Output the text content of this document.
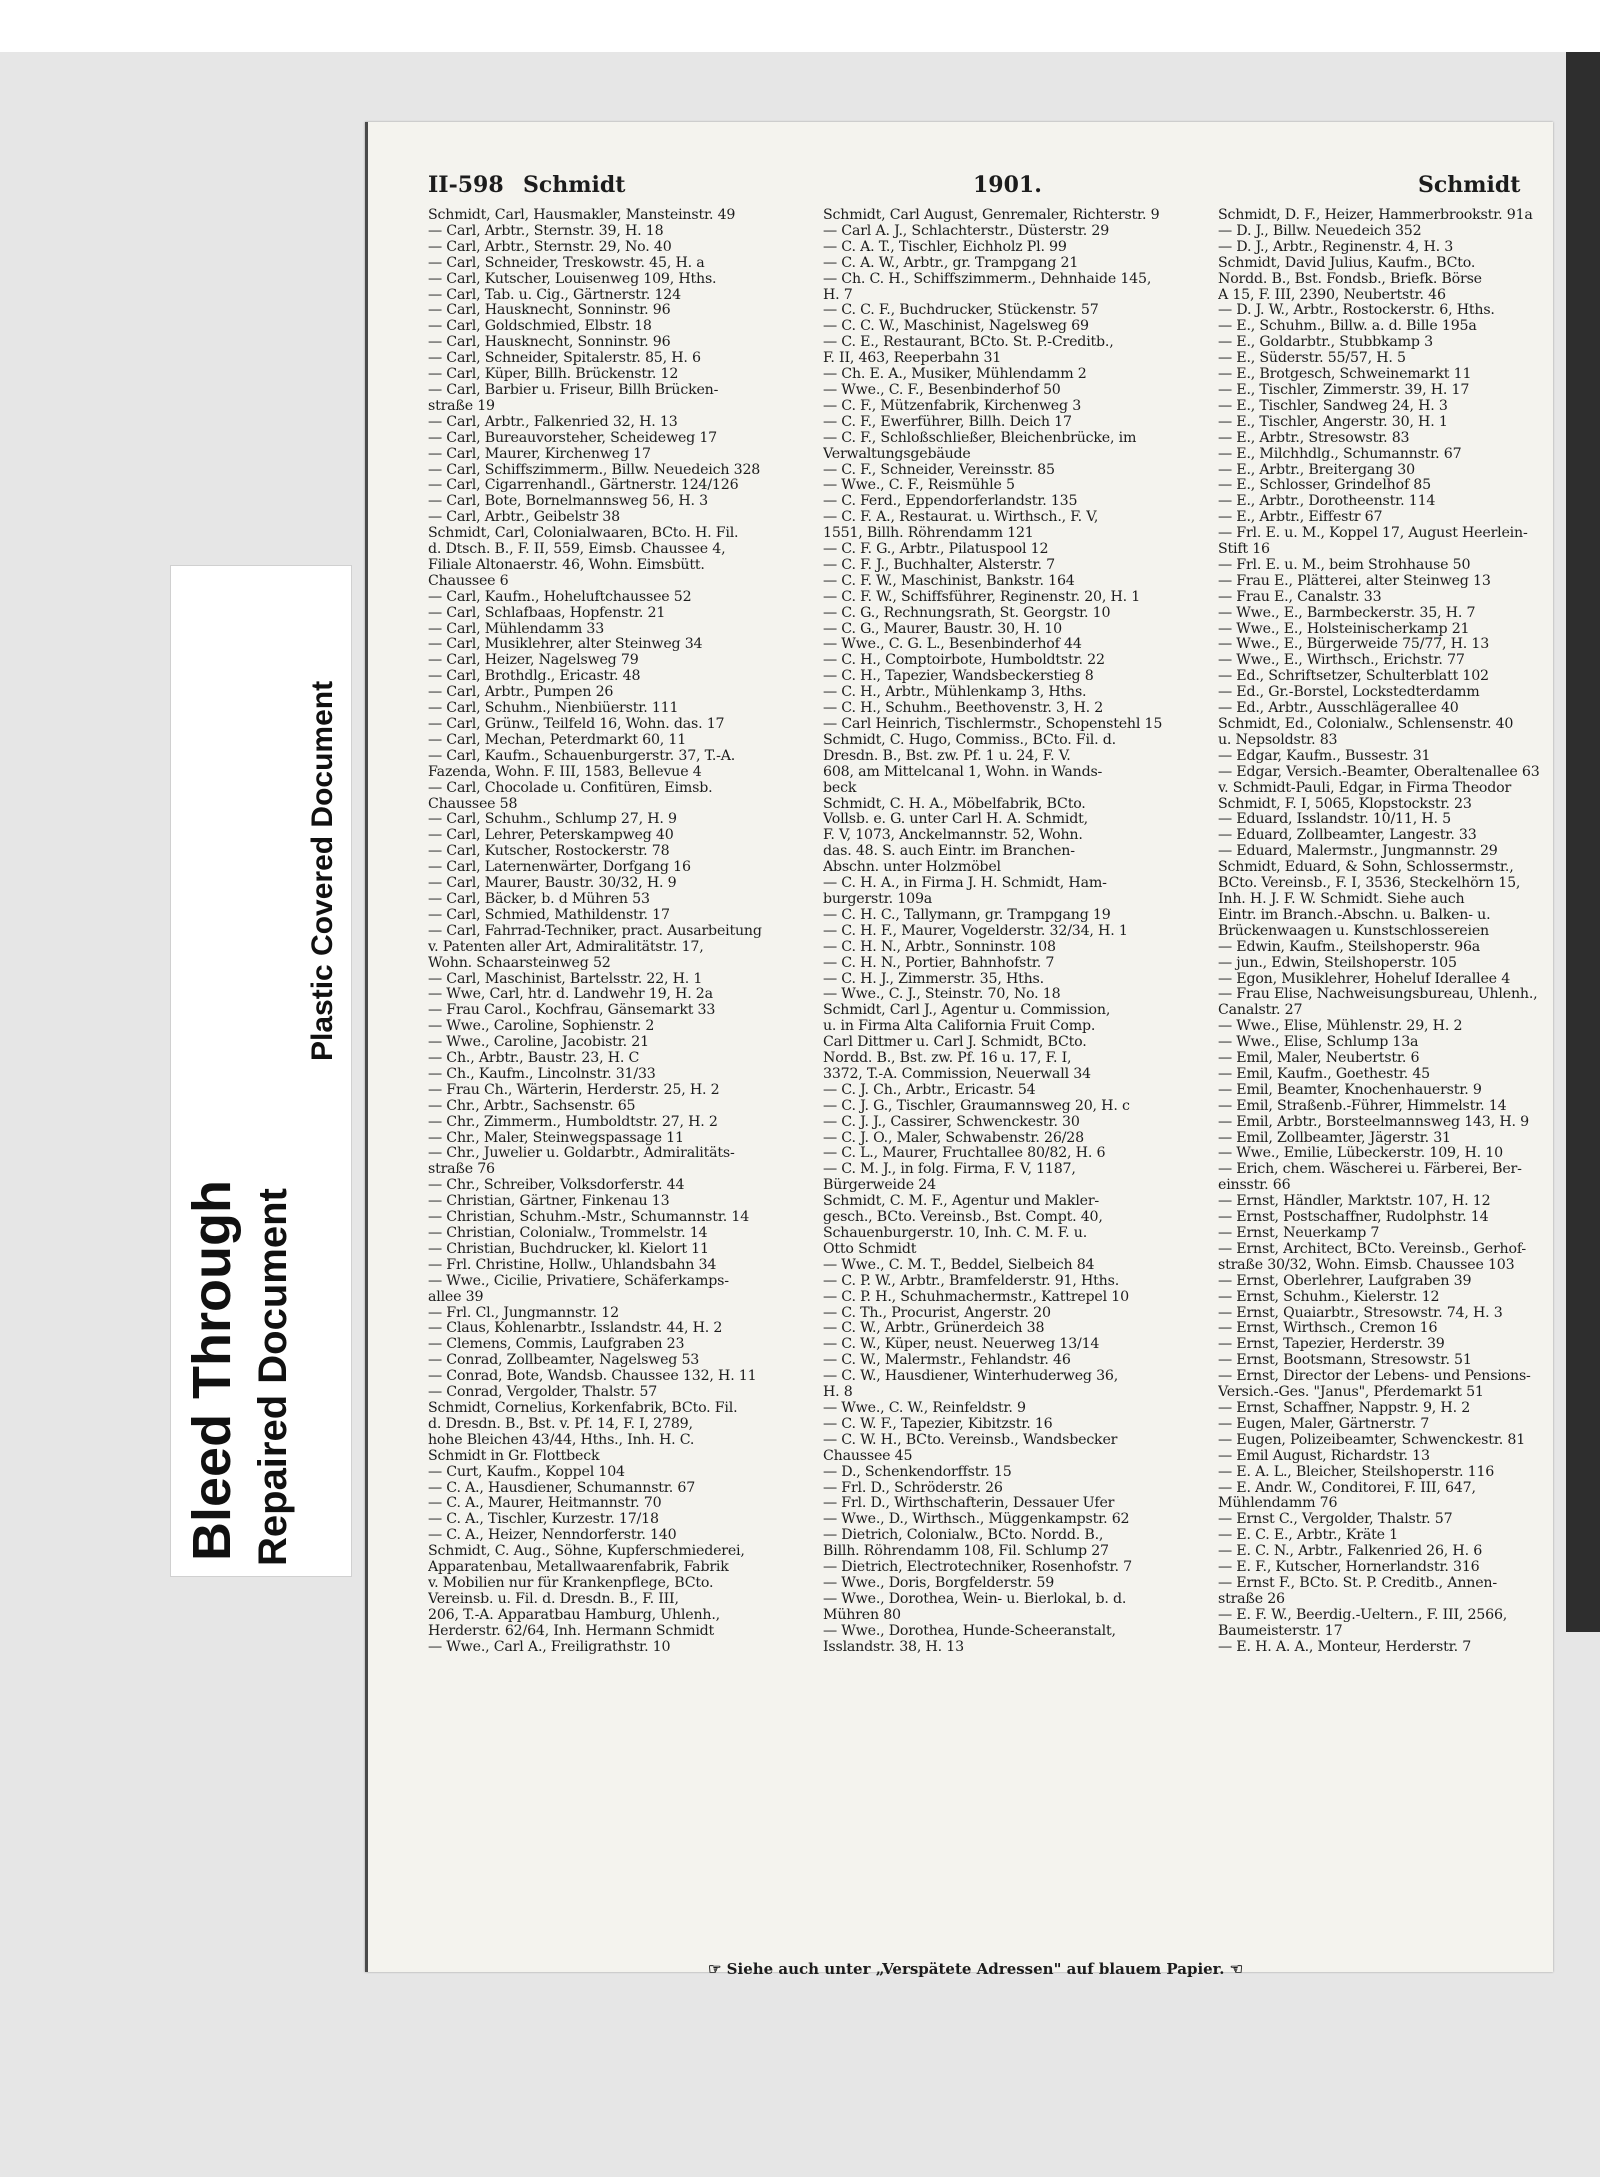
Bleed Through Repaired Document
Plastic Covered Document
II-598 Schmidt	1901.	Schmidt
Schmidt, Carl, Hausmakler, Mansteinstr. 49
— Carl, Arbtr., Sternstr. 39, H. 18
— Carl, Arbtr., Sternstr. 29, No. 40
— Carl, Schneider, Treskowstr. 45, H. a
— Carl, Kutscher, Louisenweg 109, Hths.
— Carl, Tab. u. Cig., Gärtnerstr. 124
— Carl, Hausknecht, Sonninstr. 96
— Carl, Goldschmied, Elbstr. 18
— Carl, Hausknecht, Sonninstr. 96
— Carl, Schneider, Spitalerstr. 85, H. 6
— Carl, Küper, Billh. Brückenstr. 12
— Carl, Barbier u. Friseur, Billh Brücken-
straße 19
— Carl, Arbtr., Falkenried 32, H. 13
— Carl, Bureauvorsteher, Scheideweg 17
— Carl, Maurer, Kirchenweg 17
— Carl, Schiffszimmerm., Billw. Neuedeich 328
— Carl, Cigarrenhandl., Gärtnerstr. 124/126
— Carl, Bote, Bornelmannsweg 56, H. 3
— Carl, Arbtr., Geibelstr 38
Schmidt, Carl, Colonialwaaren, BCto. H. Fil.
d. Dtsch. B., F. II, 559, Eimsb. Chaussee 4,
Filiale Altonaerstr. 46, Wohn. Eimsbütt.
Chaussee 6
— Carl, Kaufm., Hoheluftchaussee 52
— Carl, Schlafbaas, Hopfenstr. 21
— Carl, Mühlendamm 33
— Carl, Musiklehrer, alter Steinweg 34
— Carl, Heizer, Nagelsweg 79
— Carl, Brothdlg., Ericastr. 48
— Carl, Arbtr., Pumpen 26
— Carl, Schuhm., Nienbiüerstr. 111
— Carl, Grünw., Teilfeld 16, Wohn. das. 17
— Carl, Mechan, Peterdmarkt 60, 11
— Carl, Kaufm., Schauenburgerstr. 37, T.-A.
Fazenda, Wohn. F. III, 1583, Bellevue 4
— Carl, Chocolade u. Confitüren, Eimsb.
Chaussee 58
— Carl, Schuhm., Schlump 27, H. 9
— Carl, Lehrer, Peterskampweg 40
— Carl, Kutscher, Rostockerstr. 78
— Carl, Laternenwärter, Dorfgang 16
— Carl, Maurer, Baustr. 30/32, H. 9
— Carl, Bäcker, b. d Mühren 53
— Carl, Schmied, Mathildenstr. 17
— Carl, Fahrrad-Techniker, pract. Ausarbeitung
v. Patenten aller Art, Admiralitätstr. 17,
Wohn. Schaarsteinweg 52
— Carl, Maschinist, Bartelsstr. 22, H. 1
— Wwe, Carl, htr. d. Landwehr 19, H. 2a
— Frau Carol., Kochfrau, Gänsemarkt 33
— Wwe., Caroline, Sophienstr. 2
— Wwe., Caroline, Jacobistr. 21
— Ch., Arbtr., Baustr. 23, H. C
— Ch., Kaufm., Lincolnstr. 31/33
— Frau Ch., Wärterin, Herderstr. 25, H. 2
— Chr., Arbtr., Sachsenstr. 65
— Chr., Zimmerm., Humboldtstr. 27, H. 2
— Chr., Maler, Steinwegspassage 11
— Chr., Juwelier u. Goldarbtr., Admiralitäts-
straße 76
— Chr., Schreiber, Volksdorferstr. 44
— Christian, Gärtner, Finkenau 13
— Christian, Schuhm.-Mstr., Schumannstr. 14
— Christian, Colonialw., Trommelstr. 14
— Christian, Buchdrucker, kl. Kielort 11
— Frl. Christine, Hollw., Uhlandsbahn 34
— Wwe., Cicilie, Privatiere, Schäferkamps-
allee 39
— Frl. Cl., Jungmannstr. 12
— Claus, Kohlenarbtr., Isslandstr. 44, H. 2
— Clemens, Commis, Laufgraben 23
— Conrad, Zollbeamter, Nagelsweg 53
— Conrad, Bote, Wandsb. Chaussee 132, H. 11
— Conrad, Vergolder, Thalstr. 57
Schmidt, Cornelius, Korkenfabrik, BCto. Fil.
d. Dresdn. B., Bst. v. Pf. 14, F. I, 2789,
hohe Bleichen 43/44, Hths., Inh. H. C.
Schmidt in Gr. Flottbeck
— Curt, Kaufm., Koppel 104
— C. A., Hausdiener, Schumannstr. 67
— C. A., Maurer, Heitmannstr. 70
— C. A., Tischler, Kurzestr. 17/18
— C. A., Heizer, Nenndorferstr. 140
Schmidt, C. Aug., Söhne, Kupferschmiederei,
Apparatenbau, Metallwaarenfabrik, Fabrik
v. Mobilien nur für Krankenpflege, BCto.
Vereinsb. u. Fil. d. Dresdn. B., F. III,
206, T.-A. Apparatbau Hamburg, Uhlenh.,
Herderstr. 62/64, Inh. Hermann Schmidt
— Wwe., Carl A., Freiligrathstr. 10
Schmidt, Carl August, Genremaler, Richterstr. 9
— Carl A. J., Schlachterstr., Düsterstr. 29
— C. A. T., Tischler, Eichholz Pl. 99
— C. A. W., Arbtr., gr. Trampgang 21
— Ch. C. H., Schiffszimmerm., Dehnhaide 145,
H. 7
— C. C. F., Buchdrucker, Stückenstr. 57
— C. C. W., Maschinist, Nagelsweg 69
— C. E., Restaurant, BCto. St. P.-Creditb.,
F. II, 463, Reeperbahn 31
— Ch. E. A., Musiker, Mühlendamm 2
— Wwe., C. F., Besenbinderhof 50
— C. F., Mützenfabrik, Kirchenweg 3
— C. F., Ewerführer, Billh. Deich 17
— C. F., Schloßschließer, Bleichenbrücke, im
Verwaltungsgebäude
— C. F., Schneider, Vereinsstr. 85
— Wwe., C. F., Reismühle 5
— C. Ferd., Eppendorferlandstr. 135
— C. F. A., Restaurat. u. Wirthsch., F. V,
1551, Billh. Röhrendamm 121
— C. F. G., Arbtr., Pilatuspool 12
— C. F. J., Buchhalter, Alsterstr. 7
— C. F. W., Maschinist, Bankstr. 164
— C. F. W., Schiffsführer, Reginenstr. 20, H. 1
— C. G., Rechnungsrath, St. Georgstr. 10
— C. G., Maurer, Baustr. 30, H. 10
— Wwe., C. G. L., Besenbinderhof 44
— C. H., Comptoirbote, Humboldtstr. 22
— C. H., Tapezier, Wandsbeckerstieg 8
— C. H., Arbtr., Mühlenkamp 3, Hths.
— C. H., Schuhm., Beethovenstr. 3, H. 2
— Carl Heinrich, Tischlermstr., Schopenstehl 15
Schmidt, C. Hugo, Commiss., BCto. Fil. d.
Dresdn. B., Bst. zw. Pf. 1 u. 24, F. V.
608, am Mittelcanal 1, Wohn. in Wands-
beck
Schmidt, C. H. A., Möbelfabrik, BCto.
Vollsb. e. G. unter Carl H. A. Schmidt,
F. V, 1073, Anckelmannstr. 52, Wohn.
das. 48. S. auch Eintr. im Branchen-
Abschn. unter Holzmöbel
— C. H. A., in Firma J. H. Schmidt, Ham-
burgerstr. 109a
— C. H. C., Tallymann, gr. Trampgang 19
— C. H. F., Maurer, Vogelderstr. 32/34, H. 1
— C. H. N., Arbtr., Sonninstr. 108
— C. H. N., Portier, Bahnhofstr. 7
— C. H. J., Zimmerstr. 35, Hths.
— Wwe., C. J., Steinstr. 70, No. 18
Schmidt, Carl J., Agentur u. Commission,
u. in Firma Alta California Fruit Comp.
Carl Dittmer u. Carl J. Schmidt, BCto.
Nordd. B., Bst. zw. Pf. 16 u. 17, F. I,
3372, T.-A. Commission, Neuerwall 34
— C. J. Ch., Arbtr., Ericastr. 54
— C. J. G., Tischler, Graumannsweg 20, H. c
— C. J. J., Cassirer, Schwenckestr. 30
— C. J. O., Maler, Schwabenstr. 26/28
— C. L., Maurer, Fruchtallee 80/82, H. 6
— C. M. J., in folg. Firma, F. V, 1187,
Bürgerweide 24
Schmidt, C. M. F., Agentur und Makler-
gesch., BCto. Vereinsb., Bst. Compt. 40,
Schauenburgerstr. 10, Inh. C. M. F. u.
Otto Schmidt
— Wwe., C. M. T., Beddel, Sielbeich 84
— C. P. W., Arbtr., Bramfelderstr. 91, Hths.
— C. P. H., Schuhmachermstr., Kattrepel 10
— C. Th., Procurist, Angerstr. 20
— C. W., Arbtr., Grünerdeich 38
— C. W., Küper, neust. Neuerweg 13/14
— C. W., Malermstr., Fehlandstr. 46
— C. W., Hausdiener, Winterhuderweg 36,
H. 8
— Wwe., C. W., Reinfeldstr. 9
— C. W. F., Tapezier, Kibitzstr. 16
— C. W. H., BCto. Vereinsb., Wandsbecker
Chaussee 45
— D., Schenkendorffstr. 15
— Frl. D., Schröderstr. 26
— Frl. D., Wirthschafterin, Dessauer Ufer
— Wwe., D., Wirthsch., Müggenkampstr. 62
— Dietrich, Colonialw., BCto. Nordd. B.,
Billh. Röhrendamm 108, Fil. Schlump 27
— Dietrich, Electrotechniker, Rosenhofstr. 7
— Wwe., Doris, Borgfelderstr. 59
— Wwe., Dorothea, Wein- u. Bierlokal, b. d.
Mühren 80
— Wwe., Dorothea, Hunde-Scheeranstalt,
Isslandstr. 38, H. 13
Schmidt, D. F., Heizer, Hammerbrookstr. 91a
— D. J., Billw. Neuedeich 352
— D. J., Arbtr., Reginenstr. 4, H. 3
Schmidt, David Julius, Kaufm., BCto.
Nordd. B., Bst. Fondsb., Briefk. Börse
A 15, F. III, 2390, Neubertstr. 46
— D. J. W., Arbtr., Rostockerstr. 6, Hths.
— E., Schuhm., Billw. a. d. Bille 195a
— E., Goldarbtr., Stubbkamp 3
— E., Süderstr. 55/57, H. 5
— E., Brotgesch, Schweinemarkt 11
— E., Tischler, Zimmerstr. 39, H. 17
— E., Tischler, Sandweg 24, H. 3
— E., Tischler, Angerstr. 30, H. 1
— E., Arbtr., Stresowstr. 83
— E., Milchhdlg., Schumannstr. 67
— E., Arbtr., Breitergang 30
— E., Schlosser, Grindelhof 85
— E., Arbtr., Dorotheenstr. 114
— E., Arbtr., Eiffestr 67
— Frl. E. u. M., Koppel 17, August Heerlein-
Stift 16
— Frl. E. u. M., beim Strohhause 50
— Frau E., Plätterei, alter Steinweg 13
— Frau E., Canalstr. 33
— Wwe., E., Barmbeckerstr. 35, H. 7
— Wwe., E., Holsteinischerkamp 21
— Wwe., E., Bürgerweide 75/77, H. 13
— Wwe., E., Wirthsch., Erichstr. 77
— Ed., Schriftsetzer, Schulterblatt 102
— Ed., Gr.-Borstel, Lockstedterdamm
— Ed., Arbtr., Ausschlägerallee 40
Schmidt, Ed., Colonialw., Schlensenstr. 40
u. Nepsoldstr. 83
— Edgar, Kaufm., Bussestr. 31
— Edgar, Versich.-Beamter, Oberaltenallee 63
v. Schmidt-Pauli, Edgar, in Firma Theodor
Schmidt, F. I, 5065, Klopstockstr. 23
— Eduard, Isslandstr. 10/11, H. 5
— Eduard, Zollbeamter, Langestr. 33
— Eduard, Malermstr., Jungmannstr. 29
Schmidt, Eduard, & Sohn, Schlossermstr.,
BCto. Vereinsb., F. I, 3536, Steckelhörn 15,
Inh. H. J. F. W. Schmidt. Siehe auch
Eintr. im Branch.-Abschn. u. Balken- u.
Brückenwaagen u. Kunstschlossereien
— Edwin, Kaufm., Steilshoperstr. 96a
— jun., Edwin, Steilshoperstr. 105
— Egon, Musiklehrer, Hoheluf Iderallee 4
— Frau Elise, Nachweisungsbureau, Uhlenh.,
Canalstr. 27
— Wwe., Elise, Mühlenstr. 29, H. 2
— Wwe., Elise, Schlump 13a
— Emil, Maler, Neubertstr. 6
— Emil, Kaufm., Goethestr. 45
— Emil, Beamter, Knochenhauerstr. 9
— Emil, Straßenb.-Führer, Himmelstr. 14
— Emil, Arbtr., Borsteelmannsweg 143, H. 9
— Emil, Zollbeamter, Jägerstr. 31
— Wwe., Emilie, Lübeckerstr. 109, H. 10
— Erich, chem. Wäscherei u. Färberei, Ber-
einsstr. 66
— Ernst, Händler, Marktstr. 107, H. 12
— Ernst, Postschaffner, Rudolphstr. 14
— Ernst, Neuerkamp 7
— Ernst, Architect, BCto. Vereinsb., Gerhof-
straße 30/32, Wohn. Eimsb. Chaussee 103
— Ernst, Oberlehrer, Laufgraben 39
— Ernst, Schuhm., Kielerstr. 12
— Ernst, Quaiarbtr., Stresowstr. 74, H. 3
— Ernst, Wirthsch., Cremon 16
— Ernst, Tapezier, Herderstr. 39
— Ernst, Bootsmann, Stresowstr. 51
— Ernst, Director der Lebens- und Pensions-
Versich.-Ges. "Janus", Pferdemarkt 51
— Ernst, Schaffner, Nappstr. 9, H. 2
— Eugen, Maler, Gärtnerstr. 7
— Eugen, Polizeibeamter, Schwenckestr. 81
— Emil August, Richardstr. 13
— E. A. L., Bleicher, Steilshoperstr. 116
— E. Andr. W., Conditorei, F. III, 647,
Mühlendamm 76
— Ernst C., Vergolder, Thalstr. 57
— E. C. E., Arbtr., Kräte 1
— E. C. N., Arbtr., Falkenried 26, H. 6
— E. F., Kutscher, Hornerlandstr. 316
— Ernst F., BCto. St. P. Creditb., Annen-
straße 26
— E. F. W., Beerdig.-Ueltern., F. III, 2566,
Baumeisterstr. 17
— E. H. A. A., Monteur, Herderstr. 7
☞ Siehe auch unter „Verspätete Adressen" auf blauem Papier. ☜
